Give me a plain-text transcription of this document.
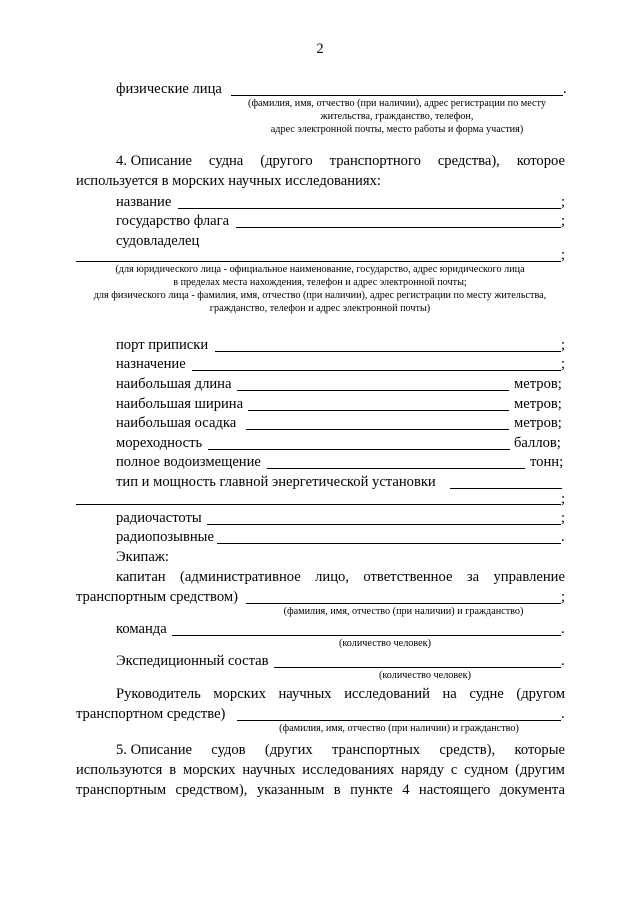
2
физические лица	.
(фамилия, имя, отчество (при наличии), адрес регистрации по месту
жительства, гражданство, телефон,
адрес электронной почты, место работы и форма участия)
4. Описание судна (другого транспортного средства), которое
используется в морских научных исследованиях:
название	;
государство флага	;
судовладелец
;
(для юридического лица - официальное наименование, государство, адрес юридического лица
в пределах места нахождения, телефон и адрес электронной почты;
для физического лица - фамилия, имя, отчество (при наличии), адрес регистрации по месту жительства,
гражданство, телефон и адрес электронной почты)
порт приписки	;
назначение	;
наибольшая длина	метров;
наибольшая ширина	метров;
наибольшая осадка	метров;
мореходность	баллов;
полное водоизмещение	тонн;
тип и мощность главной энергетической установки
;
радиочастоты	;
радиопозывные	.
Экипаж:
капитан (административное лицо, ответственное за управление
транспортным средством)	;
(фамилия, имя, отчество (при наличии) и гражданство)
команда	.
(количество человек)
Экспедиционный состав	.
(количество человек)
Руководитель морских научных исследований на судне (другом
транспортном средстве)	.
(фамилия, имя, отчество (при наличии) и гражданство)
5. Описание судов (других транспортных средств), которые
используются в морских научных исследованиях наряду с судном (другим
транспортным средством), указанным в пункте 4 настоящего документа
